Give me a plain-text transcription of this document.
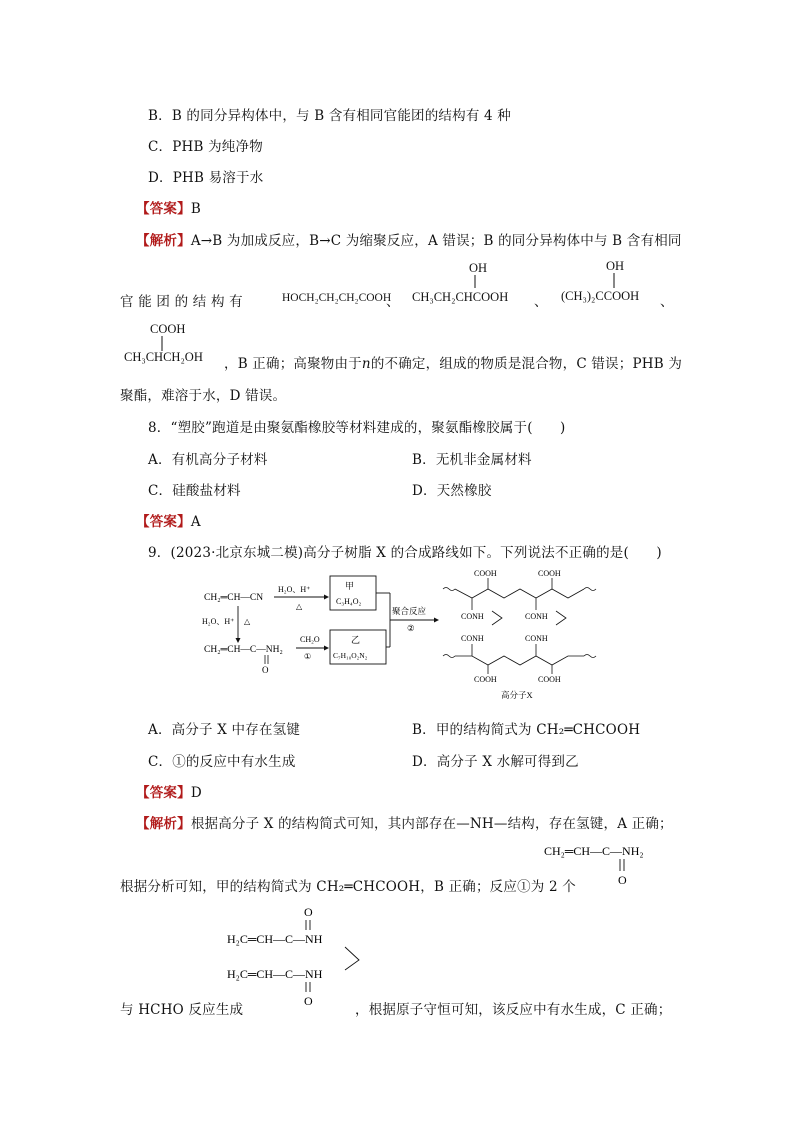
B．B 的同分异构体中，与 B 含有相同官能团的结构有 4 种
C．PHB 为纯净物
D．PHB 易溶于水
【答案】B
【解析】A→B 为加成反应，B→C 为缩聚反应，A 错误；B 的同分异构体中与 B 含有相同
官 能 团 的 结 构 有	HOCH₂CH₂CH₂COOH
、
OH
CH₃CH₂CHCOOH 、
OH
(CH₃)₂CCOOH 、
COOH
CH₃CHCH₂OH ，B 正确；高聚物由于n的不确定，组成的物质是混合物，C 错误；PHB 为
聚酯，难溶于水，D 错误。
8．“塑胶”跑道是由聚氨酯橡胶等材料建成的，聚氨酯橡胶属于(　　)
A．有机高分子材料	B．无机非金属材料
C．硅酸盐材料	D．天然橡胶
【答案】A
9．(2023·北京东城二模)高分子树脂 X 的合成路线如下。下列说法不正确的是(　　)
CH₂═CH—CN
H₂O、H⁺
△
甲
C₃H₄O₂
H₂O、H⁺ △
CH₂═CH—C—NH₂
O
CH₂O
①
乙
C₇H₁₀O₂N₂
聚合反应
②
COOH	COOH
CONH	CONH
CONH	CONH
COOH	COOH
高分子X
A．高分子 X 中存在氢键	B．甲的结构简式为 CH₂═CHCOOH
C．①的反应中有水生成	D．高分子 X 水解可得到乙
【答案】D
【解析】根据高分子 X 的结构简式可知，其内部存在—NH—结构，存在氢键，A 正确；
CH₂═CH—C—NH₂
O
根据分析可知，甲的结构简式为 CH₂═CHCOOH，B 正确；反应①为 2 个
O
H₂C═CH—C—NH
H₂C═CH—C—NH
O
与 HCHO 反应生成	，根据原子守恒可知，该反应中有水生成，C 正确；
